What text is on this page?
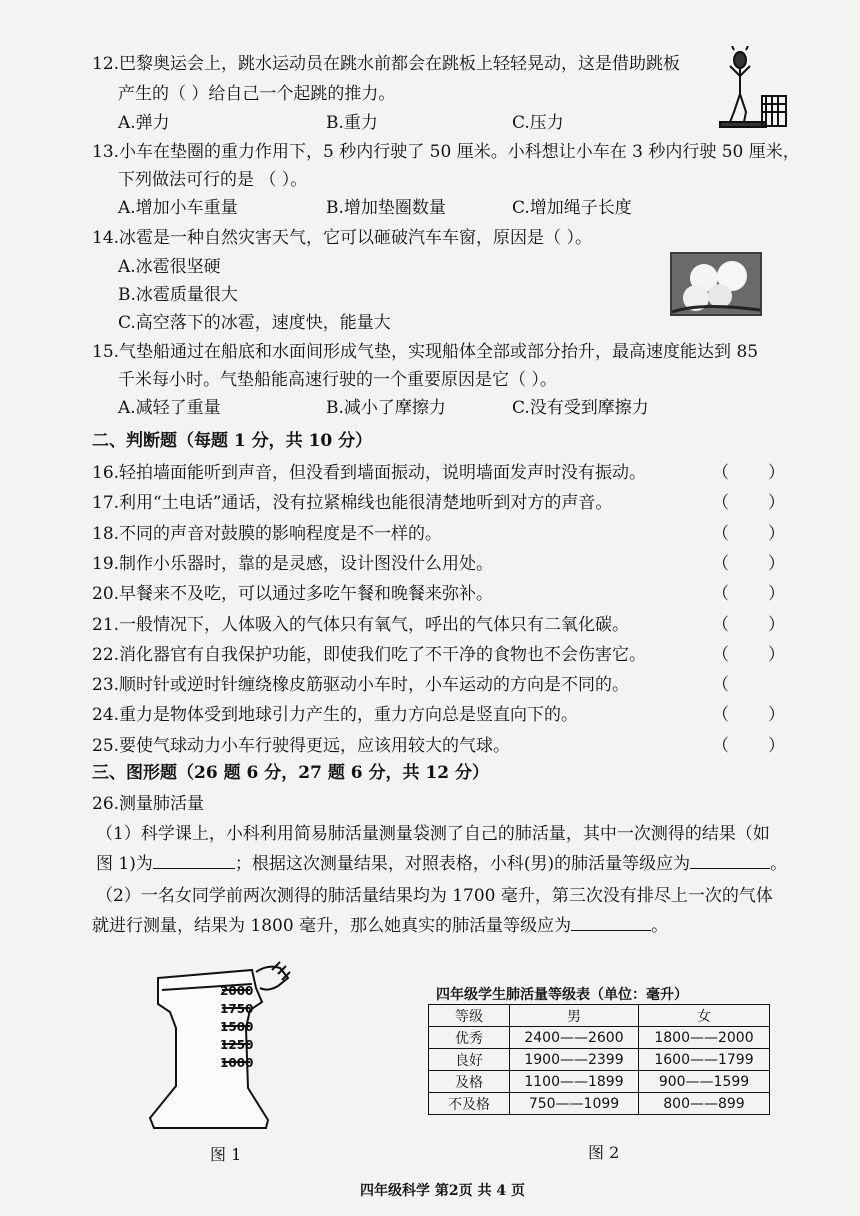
12.巴黎奥运会上，跳水运动员在跳水前都会在跳板上轻轻晃动，这是借助跳板
产生的（ ）给自己一个起跳的推力。
A.弹力	B.重力	C.压力
13.小车在垫圈的重力作用下，5 秒内行驶了 50 厘米。小科想让小车在 3 秒内行驶 50 厘米，
下列做法可行的是 （ ）。
A.增加小车重量	B.增加垫圈数量	C.增加绳子长度
14.冰雹是一种自然灾害天气，它可以砸破汽车车窗，原因是（ ）。
A.冰雹很坚硬
B.冰雹质量很大
C.高空落下的冰雹，速度快，能量大
15.气垫船通过在船底和水面间形成气垫，实现船体全部或部分抬升，最高速度能达到 85
千米每小时。气垫船能高速行驶的一个重要原因是它（ ）。
A.减轻了重量	B.减小了摩擦力	C.没有受到摩擦力
二、判断题（每题 1 分，共 10 分）
16.轻拍墙面能听到声音，但没看到墙面振动，说明墙面发声时没有振动。	（ ）
17.利用“土电话”通话，没有拉紧棉线也能很清楚地听到对方的声音。	（ ）
18.不同的声音对鼓膜的影响程度是不一样的。	（ ）
19.制作小乐器时，靠的是灵感，设计图没什么用处。	（ ）
20.早餐来不及吃，可以通过多吃午餐和晚餐来弥补。	（ ）
21.一般情况下，人体吸入的气体只有氧气，呼出的气体只有二氧化碳。	（ ）
22.消化器官有自我保护功能，即使我们吃了不干净的食物也不会伤害它。	（ ）
23.顺时针或逆时针缠绕橡皮筋驱动小车时，小车运动的方向是不同的。	（
24.重力是物体受到地球引力产生的，重力方向总是竖直向下的。	（ ）
25.要使气球动力小车行驶得更远，应该用较大的气球。	（ ）
三、图形题（26 题 6 分，27 题 6 分，共 12 分）
26.测量肺活量
（1）科学课上，小科利用简易肺活量测量袋测了自己的肺活量，其中一次测得的结果（如
图 1)为	；根据这次测量结果，对照表格，小科(男)的肺活量等级应为	。
（2）一名女同学前两次测得的肺活量结果均为 1700 毫升，第三次没有排尽上一次的气体
就进行测量，结果为 1800 毫升，那么她真实的肺活量等级应为	。
2000
1750
1500
1250
1000
图 1
四年级学生肺活量等级表（单位：毫升）
等级	男	女
优秀	2400——2600	1800——2000
良好	1900——2399	1600——1799
及格	1100——1899	900——1599
不及格	750——1099	800——899
图 2
四年级科学 第2页 共 4 页
